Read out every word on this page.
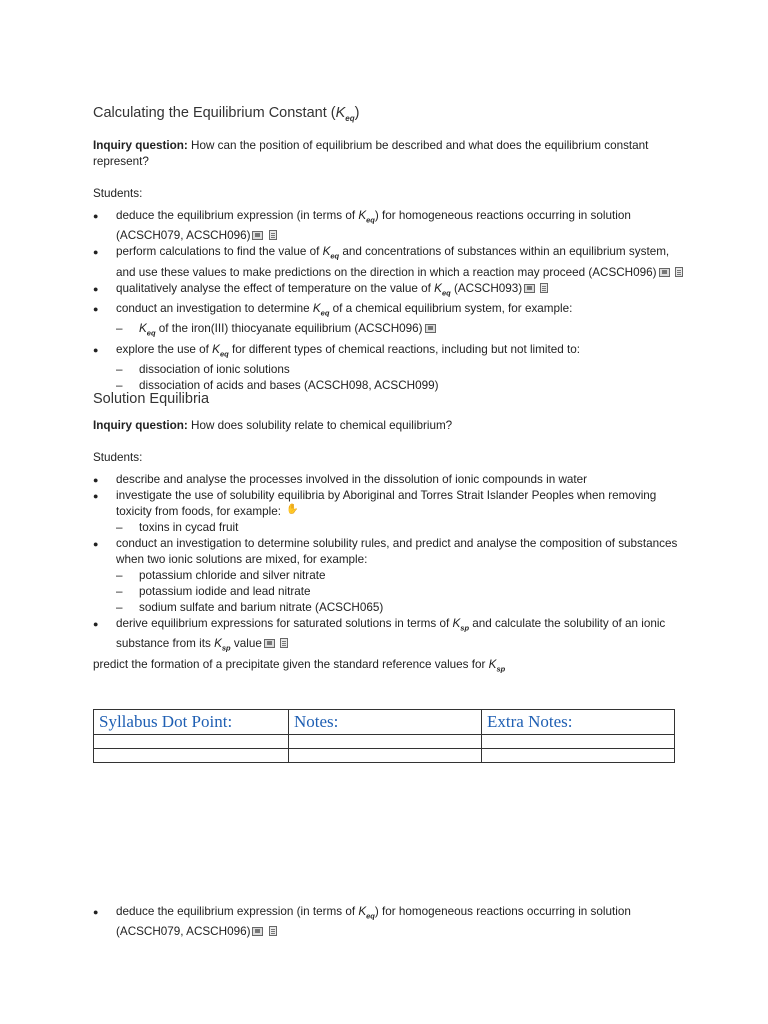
Calculating the Equilibrium Constant $(K_{eq})$

Inquiry question: How can the position of equilibrium be described and what does the equilibrium constant represent?

Students:

● deduce the equilibrium expression (in terms of $K_{eq}$) for homogeneous reactions occurring in solution (ACSCH079, ACSCH096)
● perform calculations to find the value of $K_{eq}$ and concentrations of substances within an equilibrium system, and use these values to make predictions on the direction in which a reaction may proceed (ACSCH096)
● qualitatively analyse the effect of temperature on the value of $K_{eq}$ (ACSCH093)
● conduct an investigation to determine $K_{eq}$ of a chemical equilibrium system, for example:
– $K_{eq}$ of the iron(III) thiocyanate equilibrium (ACSCH096)
● explore the use of $K_{eq}$ for different types of chemical reactions, including but not limited to:
– dissociation of ionic solutions
– dissociation of acids and bases (ACSCH098, ACSCH099)
Solution Equilibria

Inquiry question: How does solubility relate to chemical equilibrium?

Students:

● describe and analyse the processes involved in the dissolution of ionic compounds in water
● investigate the use of solubility equilibria by Aboriginal and Torres Strait Islander Peoples when removing toxicity from foods, for example: ✋
– toxins in cycad fruit
● conduct an investigation to determine solubility rules, and predict and analyse the composition of substances when two ionic solutions are mixed, for example:
– potassium chloride and silver nitrate
– potassium iodide and lead nitrate
– sodium sulfate and barium nitrate (ACSCH065)
● derive equilibrium expressions for saturated solutions in terms of $K_{sp}$ and calculate the solubility of an ionic substance from its $K_{sp}$ value

predict the formation of a precipitate given the standard reference values for $K_{sp}$

Syllabus Dot Point:	Notes:	Extra Notes:

● deduce the equilibrium expression (in terms of $K_{eq}$) for homogeneous reactions occurring in solution (ACSCH079, ACSCH096)
